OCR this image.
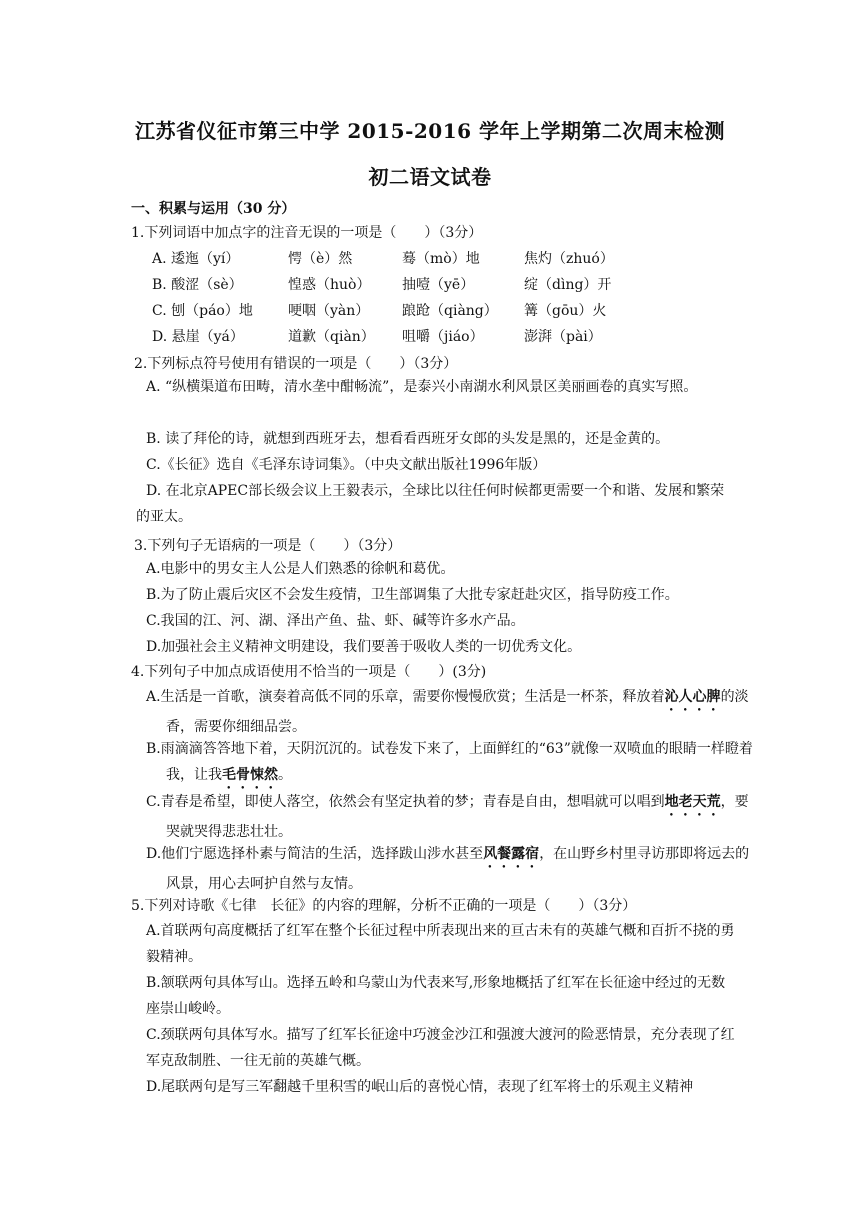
江苏省仪征市第三中学 2015-2016 学年上学期第二次周末检测
初二语文试卷
一、积累与运用（30 分）
1.下列词语中加点字的注音无误的一项是（　　）（3分）
A. 逶迤（yí）	愕（è）然	蓦（mò）地	焦灼（zhuó）
B. 酸涩（sè）	惶惑（huò） 抽噎（yē）	绽（dìng）开
C. 刨（páo）地	哽咽（yàn） 踉跄（qiàng） 篝（gōu）火
D. 悬崖（yá）	道歉（qiàn） 咀嚼（jiáo）	澎湃（pài）
2.下列标点符号使用有错误的一项是（　　）（3分）
A. “纵横渠道布田畴，清水垄中酣畅流”，是泰兴小南湖水利风景区美丽画卷的真实写照。
B. 读了拜伦的诗，就想到西班牙去，想看看西班牙女郎的头发是黑的，还是金黄的。
C.《长征》选自《毛泽东诗词集》。（中央文献出版社1996年版）
D. 在北京APEC部长级会议上王毅表示，全球比以往任何时候都更需要一个和谐、发展和繁荣的亚太。
3.下列句子无语病的一项是（　　）（3分）
A.电影中的男女主人公是人们熟悉的徐帆和葛优。
B.为了防止震后灾区不会发生疫情，卫生部调集了大批专家赶赴灾区，指导防疫工作。
C.我国的江、河、湖、泽出产鱼、盐、虾、碱等许多水产品。
D.加强社会主义精神文明建设，我们要善于吸收人类的一切优秀文化。
4.下列句子中加点成语使用不恰当的一项是（　　）(3分)
A.生活是一首歌，演奏着高低不同的乐章，需要你慢慢欣赏；生活是一杯茶，释放着沁人心脾的淡香，需要你细细品尝。
B.雨滴滴答答地下着，天阴沉沉的。试卷发下来了，上面鲜红的“63”就像一双喷血的眼睛一样瞪着我，让我毛骨悚然。
C.青春是希望，即使人落空，依然会有坚定执着的梦；青春是自由，想唱就可以唱到地老天荒，要哭就哭得悲悲壮壮。
D.他们宁愿选择朴素与简洁的生活，选择跋山涉水甚至风餐露宿，在山野乡村里寻访那即将远去的风景，用心去呵护自然与友情。
5.下列对诗歌《七律　长征》的内容的理解，分析不正确的一项是（　　）（3分）
A.首联两句高度概括了红军在整个长征过程中所表现出来的亘古未有的英雄气概和百折不挠的勇毅精神。
B.颔联两句具体写山。选择五岭和乌蒙山为代表来写,形象地概括了红军在长征途中经过的无数座崇山峻岭。
C.颈联两句具体写水。描写了红军长征途中巧渡金沙江和强渡大渡河的险恶情景，充分表现了红军克敌制胜、一往无前的英雄气概。
D.尾联两句是写三军翻越千里积雪的岷山后的喜悦心情，表现了红军将士的乐观主义精神
